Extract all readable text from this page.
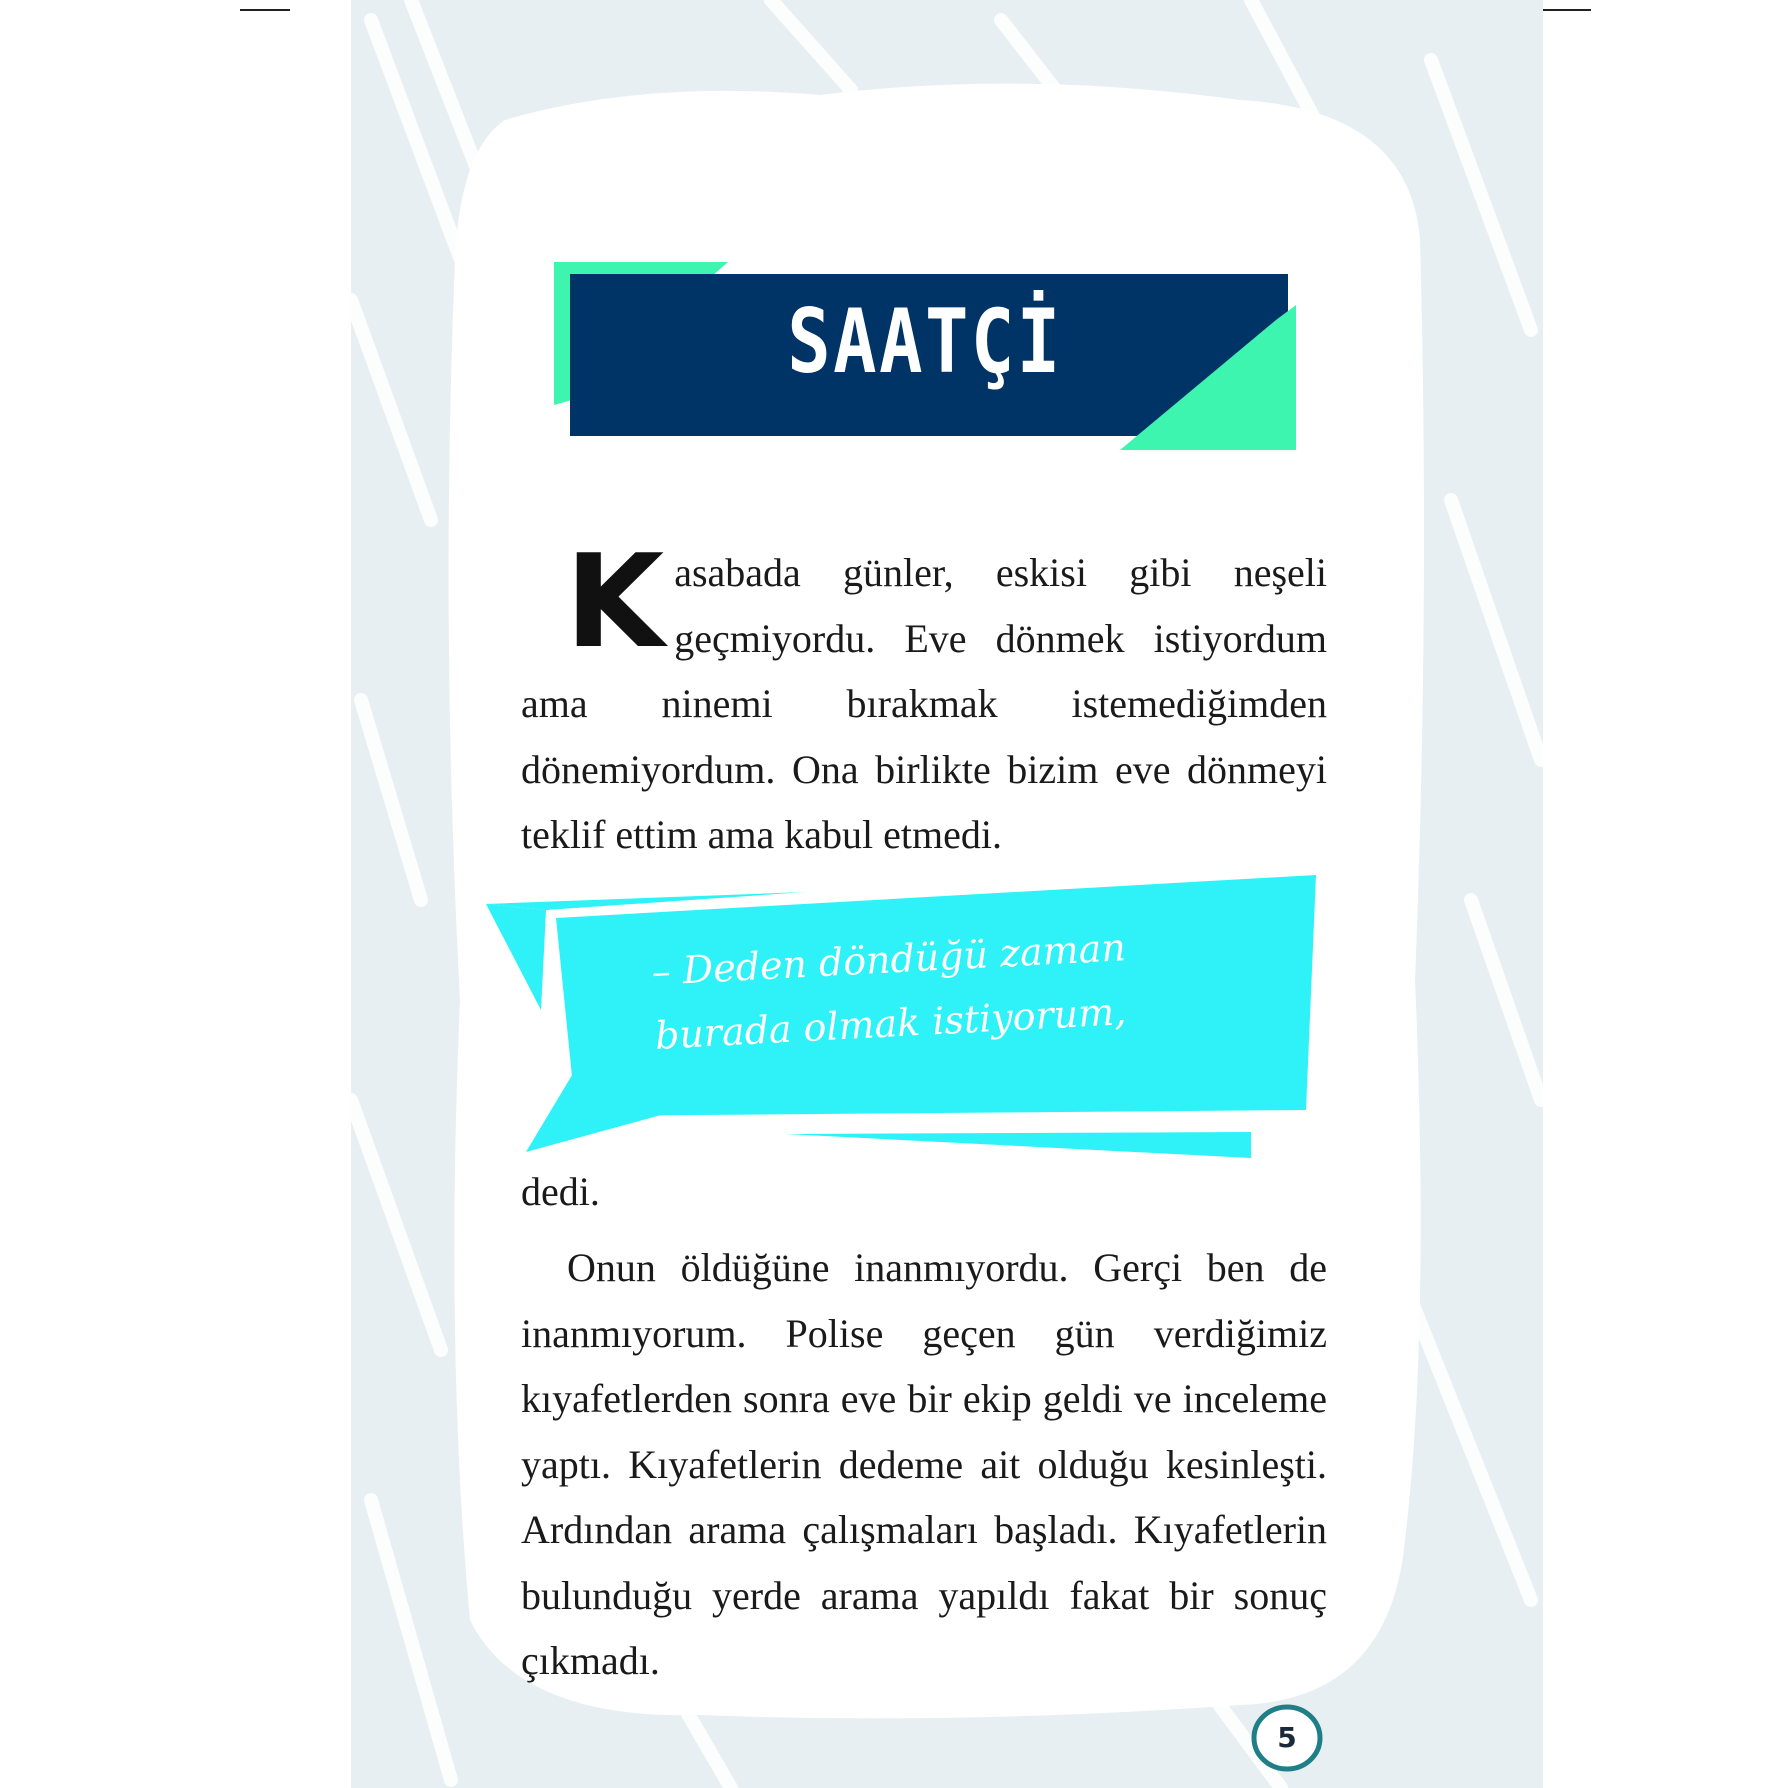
SAATÇİ
K asabada günler, eskisi gibi neşeli geçmiyordu. Eve dönmek istiyordum ama ninemi bırakmak istemediğimden dönemiyordum. Ona birlikte bizim eve dönmeyi teklif ettim ama kabul etmedi.
– Deden döndüğü zaman
burada olmak istiyorum,
dedi.
Onun öldüğüne inanmıyordu. Gerçi ben de inanmıyorum. Polise geçen gün verdiğimiz kıyafetlerden sonra eve bir ekip geldi ve inceleme yaptı. Kıyafetlerin dedeme ait olduğu kesinleşti. Ardından arama çalışmaları başladı. Kıyafetlerin bulunduğu yerde arama yapıldı fakat bir sonuç çıkmadı.
5
